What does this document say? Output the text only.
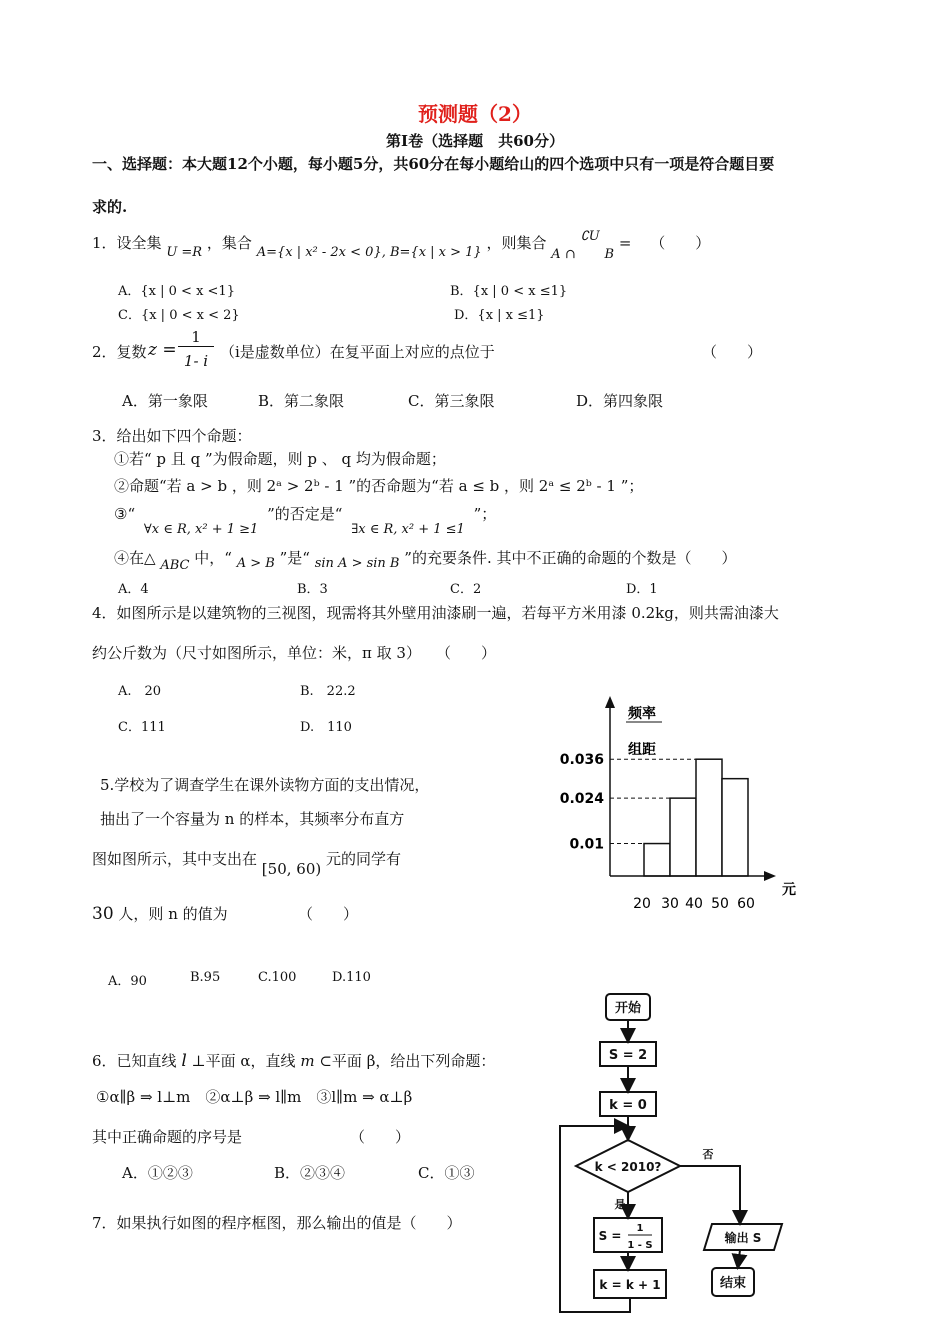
预测题（2）
第Ⅰ卷（选择题　共60分）
一、选择题：本大题12个小题，每小题5分，共60分在每小题给山的四个选项中只有一项是符合题目要
求的.
1．设全集 U =R ，集合 A={x | x² - 2x < 0}, B={x | x > 1} ，则集合 A ∩ ∁U B = （　　）
A．{x | 0 < x <1}	B．{x | 0 < x ≤1}
C．{x | 0 < x < 2}	D．{x | x ≤1}
2．复数 z =
1
1- i （i是虚数单位）在复平面上对应的点位于	（　　）
A．第一象限	B．第二象限	C．第三象限	D．第四象限
3．给出如下四个命题：
①若“ p 且 q ”为假命题，则 p 、 q 均为假命题；
②命题“若 a > b ，则 2ᵃ > 2ᵇ - 1 ”的否命题为“若 a ≤ b ，则 2ᵃ ≤ 2ᵇ - 1 ”；
③“ ∀x ∈ R, x² + 1 ≥1 ”的否定是“ ∃x ∈ R, x² + 1 ≤1 ”；
④在△ ABC 中，“ A > B ”是“ sin A > sin B ”的充要条件. 其中不正确的命题的个数是（　　）
A．4	B．3	C．2	D．1
4．如图所示是以建筑物的三视图，现需将其外壁用油漆刷一遍，若每平方米用漆 0.2kg，则共需油漆大
约公斤数为（尺寸如图所示，单位：米，π 取 3）　　（　　）
A.　20	B.　22.2
C．111	D.　110
5.学校为了调查学生在课外读物方面的支出情况，
抽出了一个容量为 n 的样本，其频率分布直方
图如图所示，其中支出在 [50, 60) 元的同学有
30 人，则 n 的值为	（　　）
A．90	B.95	C.100	D.110
6．已知直线 l ⊥平面 α，直线 m ⊂平面 β，给出下列命题：
①α∥β ⇒ l⊥m　②α⊥β ⇒ l∥m　③l∥m ⇒ α⊥β
其中正确命题的序号是	（　　）
A．①②③	B．②③④	C．①③
7．如果执行如图的程序框图，那么输出的值是（　　）
频率
组距
元
0.036
0.024
0.01
20 30 40 50 60
开始
S = 2
k = 0
k < 2010?
是
否
S =
1
1 - S
k = k + 1
输出 S
结束
